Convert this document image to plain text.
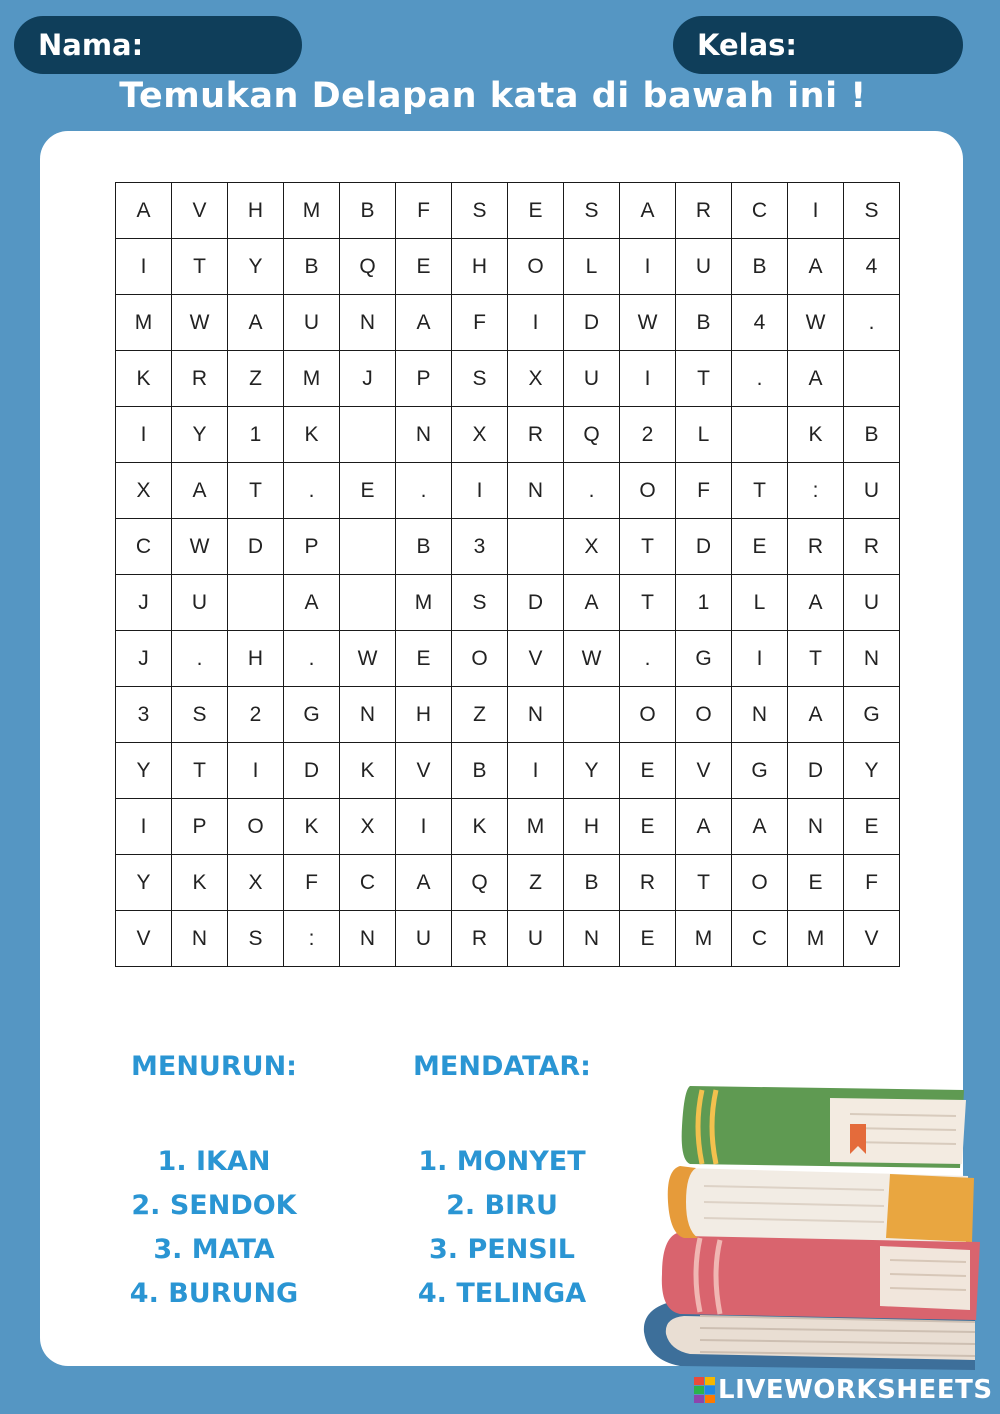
Nama:	Kelas:
Temukan Delapan kata di bawah ini !
A	V	H	M	B	F	S	E	S	A	R	C	I	S
I	T	Y	B	Q	E	H	O	L	I	U	B	A	4
M	W	A	U	N	A	F	I	D	W	B	4	W	.
K	R	Z	M	J	P	S	X	U	I	T	.	A	
I	Y	1	K		N	X	R	Q	2	L		K	B
X	A	T	.	E	.	I	N	.	O	F	T	:	U
C	W	D	P		B	3		X	T	D	E	R	R
J	U		A		M	S	D	A	T	1	L	A	U
J	.	H	.	W	E	O	V	W	.	G	I	T	N
3	S	2	G	N	H	Z	N		O	O	N	A	G
Y	T	I	D	K	V	B	I	Y	E	V	G	D	Y
I	P	O	K	X	I	K	M	H	E	A	A	N	E
Y	K	X	F	C	A	Q	Z	B	R	T	O	E	F
V	N	S	:	N	U	R	U	N	E	M	C	M	V
MENURUN:
1. IKAN
2. SENDOK
3. MATA
4. BURUNG
MENDATAR:
1. MONYET
2. BIRU
3. PENSIL
4. TELINGA
LIVEWORKSHEETS
